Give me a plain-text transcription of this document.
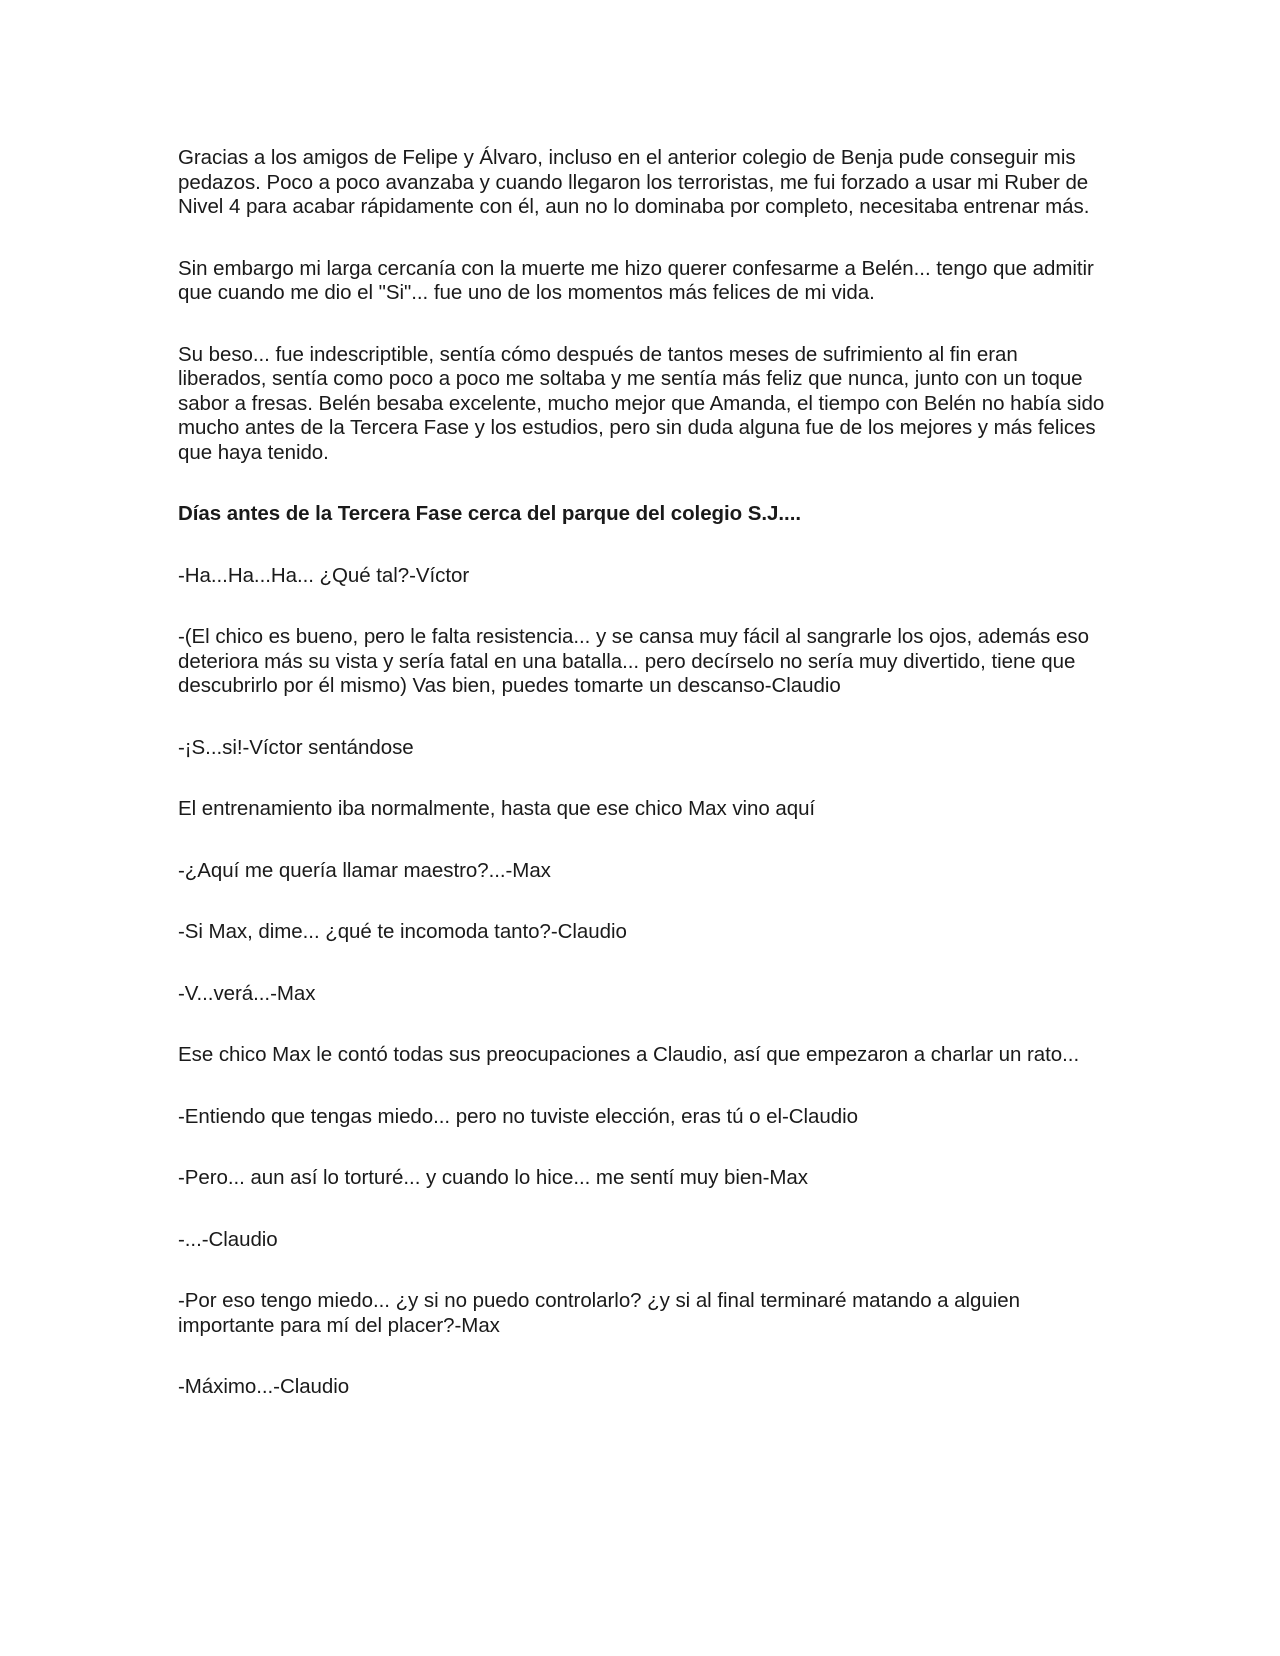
Gracias a los amigos de Felipe y Álvaro, incluso en el anterior colegio de Benja pude conseguir mis pedazos. Poco a poco avanzaba y cuando llegaron los terroristas, me fui forzado a usar mi Ruber de Nivel 4 para acabar rápidamente con él, aun no lo dominaba por completo, necesitaba entrenar más.

Sin embargo mi larga cercanía con la muerte me hizo querer confesarme a Belén... tengo que admitir que cuando me dio el "Si"... fue uno de los momentos más felices de mi vida.

Su beso... fue indescriptible, sentía cómo después de tantos meses de sufrimiento al fin eran liberados, sentía como poco a poco me soltaba y me sentía más feliz que nunca, junto con un toque sabor a fresas. Belén besaba excelente, mucho mejor que Amanda, el tiempo con Belén no había sido mucho antes de la Tercera Fase y los estudios, pero sin duda alguna fue de los mejores y más felices que haya tenido.

Días antes de la Tercera Fase cerca del parque del colegio S.J....

-Ha...Ha...Ha... ¿Qué tal?-Víctor

-(El chico es bueno, pero le falta resistencia... y se cansa muy fácil al sangrarle los ojos, además eso deteriora más su vista y sería fatal en una batalla... pero decírselo no sería muy divertido, tiene que descubrirlo por él mismo) Vas bien, puedes tomarte un descanso-Claudio

-¡S...si!-Víctor sentándose

El entrenamiento iba normalmente, hasta que ese chico Max vino aquí

-¿Aquí me quería llamar maestro?...-Max

-Si Max, dime... ¿qué te incomoda tanto?-Claudio

-V...verá...-Max

Ese chico Max le contó todas sus preocupaciones a Claudio, así que empezaron a charlar un rato...

-Entiendo que tengas miedo... pero no tuviste elección, eras tú o el-Claudio

-Pero... aun así lo torturé... y cuando lo hice... me sentí muy bien-Max

-...-Claudio

-Por eso tengo miedo... ¿y si no puedo controlarlo? ¿y si al final terminaré matando a alguien importante para mí del placer?-Max

-Máximo...-Claudio
